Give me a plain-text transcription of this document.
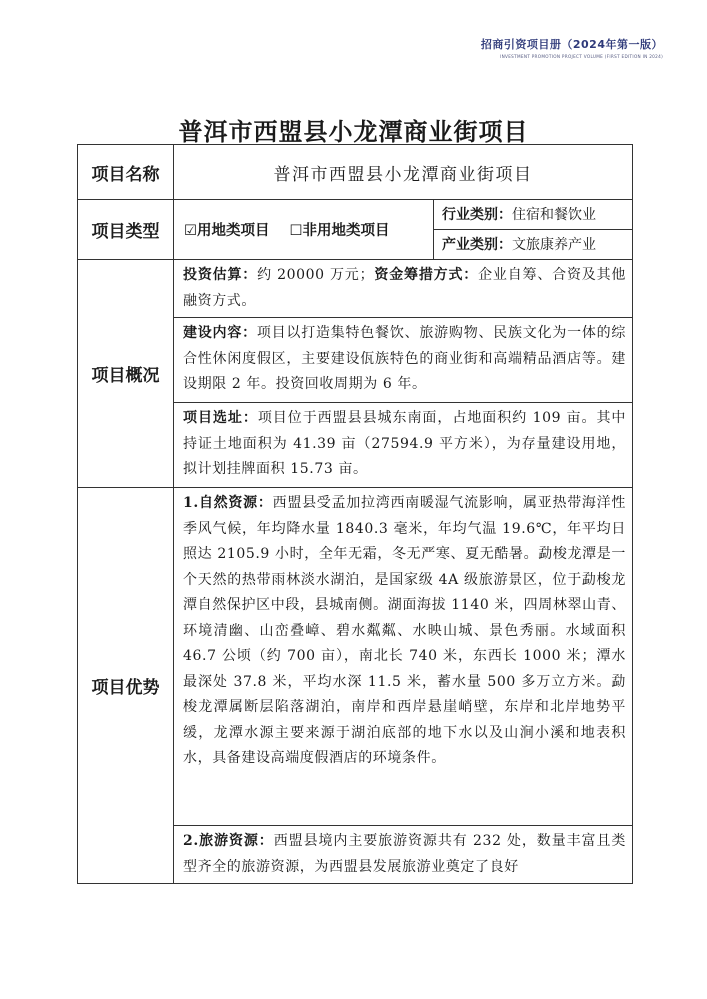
招商引资项目册（2024年第一版）
INVESTMENT PROMOTION PROJECT VOLUME (FIRST EDITION IN 2024)
普洱市西盟县小龙潭商业街项目
项目名称	普洱市西盟县小龙潭商业街项目	
项目类型	☑用地类项目 ☐非用地类项目	行业类别：住宿和餐饮业
		产业类别：文旅康养产业
项目概况	投资估算：约 20000 万元；资金筹措方式：企业自筹、合资及其他融资方式。	
	建设内容：项目以打造集特色餐饮、旅游购物、民族文化为一体的综合性休闲度假区，主要建设佤族特色的商业街和高端精品酒店等。建设期限 2 年。投资回收周期为 6 年。	
	项目选址：项目位于西盟县县城东南面，占地面积约 109 亩。其中持证土地面积为 41.39 亩（27594.9 平方米），为存量建设用地，拟计划挂牌面积 15.73 亩。	
项目优势	1.自然资源：西盟县受孟加拉湾西南暖湿气流影响，属亚热带海洋性季风气候，年均降水量 1840.3 毫米，年均气温 19.6℃，年平均日照达 2105.9 小时，全年无霜，冬无严寒、夏无酷暑。勐梭龙潭是一个天然的热带雨林淡水湖泊，是国家级 4A 级旅游景区，位于勐梭龙潭自然保护区中段，县城南侧。湖面海拔 1140 米，四周林翠山青、环境清幽、山峦叠嶂、碧水粼粼、水映山城、景色秀丽。水域面积 46.7 公顷（约 700 亩），南北长 740 米，东西长 1000 米；潭水最深处 37.8 米，平均水深 11.5 米，蓄水量 500 多万立方米。勐梭龙潭属断层陷落湖泊，南岸和西岸悬崖峭壁，东岸和北岸地势平缓，龙潭水源主要来源于湖泊底部的地下水以及山涧小溪和地表积水，具备建设高端度假酒店的环境条件。	
	2.旅游资源：西盟县境内主要旅游资源共有 232 处，数量丰富且类型齐全的旅游资源，为西盟县发展旅游业奠定了良好	
